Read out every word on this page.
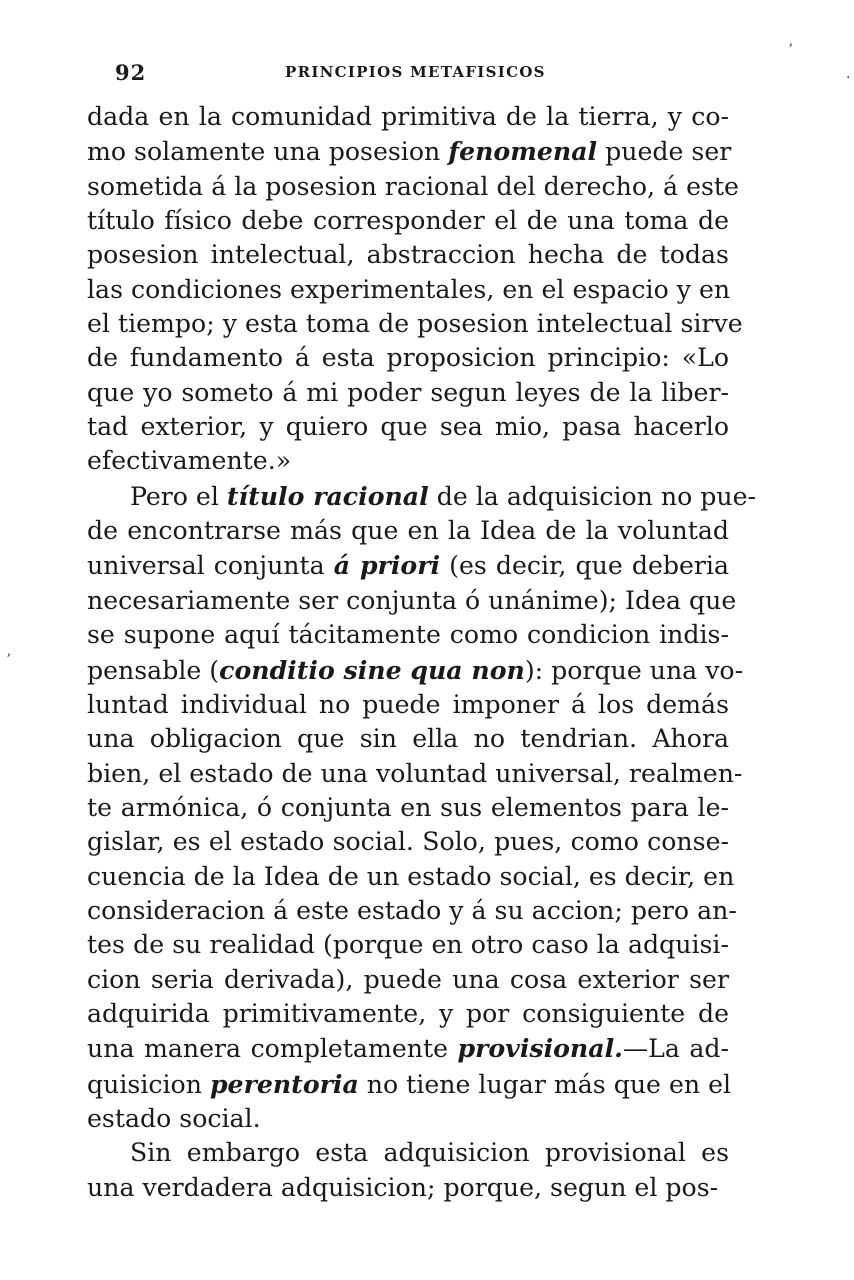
92	PRINCIPIOS METAFISICOS
dada en la comunidad primitiva de la tierra, y co-
mo solamente una posesion fenomenal puede ser
sometida á la posesion racional del derecho, á este
título físico debe corresponder el de una toma de
posesion intelectual, abstraccion hecha de todas
las condiciones experimentales, en el espacio y en
el tiempo; y esta toma de posesion intelectual sirve
de fundamento á esta proposicion principio: «Lo
que yo someto á mi poder segun leyes de la liber-
tad exterior, y quiero que sea mio, pasa hacerlo
efectivamente.»
Pero el título racional de la adquisicion no pue-
de encontrarse más que en la Idea de la voluntad
universal conjunta á priori (es decir, que deberia
necesariamente ser conjunta ó unánime); Idea que
se supone aquí tácitamente como condicion indis-
pensable (conditio sine qua non): porque una vo-
luntad individual no puede imponer á los demás
una obligacion que sin ella no tendrian. Ahora
bien, el estado de una voluntad universal, realmen-
te armónica, ó conjunta en sus elementos para le-
gislar, es el estado social. Solo, pues, como conse-
cuencia de la Idea de un estado social, es decir, en
consideracion á este estado y á su accion; pero an-
tes de su realidad (porque en otro caso la adquisi-
cion seria derivada), puede una cosa exterior ser
adquirida primitivamente, y por consiguiente de
una manera completamente provisional.—La ad-
quisicion perentoria no tiene lugar más que en el
estado social.
Sin embargo esta adquisicion provisional es
una verdadera adquisicion; porque, segun el pos-
ʼ
·
ʼ
